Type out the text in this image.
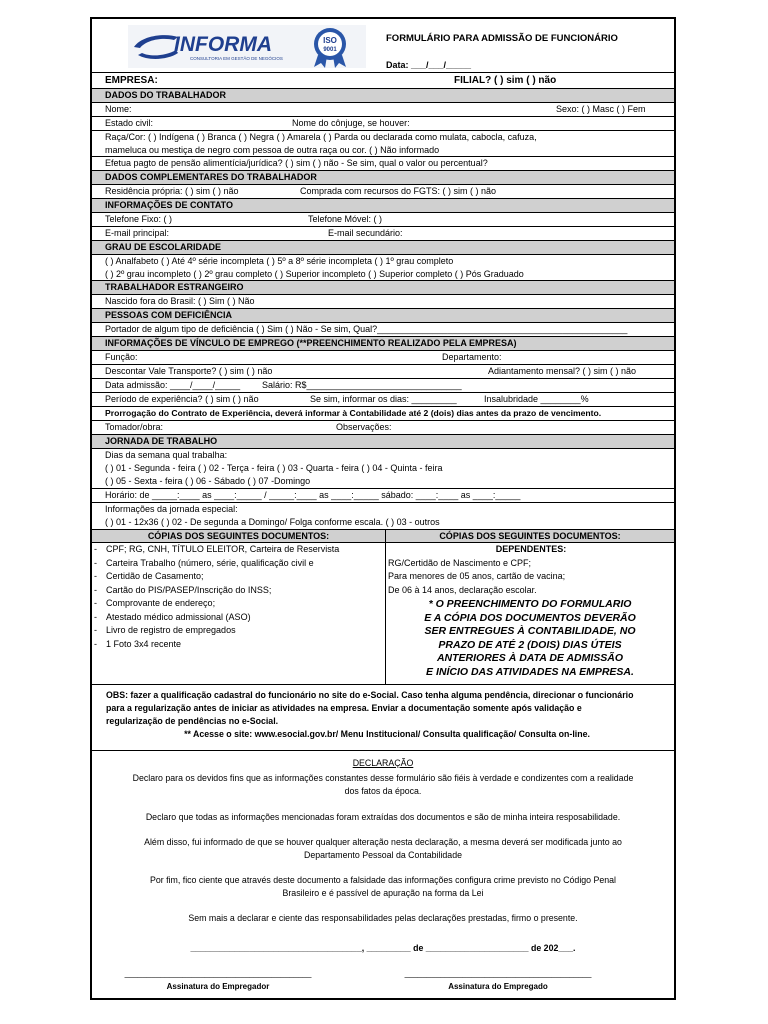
INFORMA
CONSULTORIA EM GESTÃO DE NEGÓCIOS
ISO
9001
FORMULÁRIO PARA ADMISSÃO DE FUNCIONÁRIO
Data: ___/___/_____
EMPRESA:	FILIAL? ( ) sim ( ) não
DADOS DO TRABALHADOR
Nome:	Sexo: ( ) Masc ( ) Fem
Estado civil:	Nome do cônjuge, se houver:
Raça/Cor: ( ) Indígena ( ) Branca ( ) Negra ( ) Amarela ( ) Parda ou declarada como mulata, cabocla, cafuza,
mameluca ou mestiça de negro com pessoa de outra raça ou cor. ( ) Não informado
Efetua pagto de pensão alimentícia/jurídica? ( ) sim ( ) não - Se sim, qual o valor ou percentual?
DADOS COMPLEMENTARES DO TRABALHADOR
Residência própria: ( ) sim ( ) não	Comprada com recursos do FGTS: ( ) sim ( ) não
INFORMAÇÕES DE CONTATO
Telefone Fixo: ( )	Telefone Móvel: ( )
E-mail principal:	E-mail secundário:
GRAU DE ESCOLARIDADE
( ) Analfabeto ( ) Até 4º série incompleta ( ) 5º a 8º série incompleta ( ) 1º grau completo
( ) 2º grau incompleto ( ) 2º grau completo ( ) Superior incompleto ( ) Superior completo ( ) Pós Graduado
TRABALHADOR ESTRANGEIRO
Nascido fora do Brasil: ( ) Sim ( ) Não
PESSOAS COM DEFICIÊNCIA
Portador de algum tipo de deficiência ( ) Sim ( ) Não - Se sim, Qual?__________________________________________________
INFORMAÇÕES DE VÍNCULO DE EMPREGO (**PREENCHIMENTO REALIZADO PELA EMPRESA)
Função:	Departamento:
Descontar Vale Transporte? ( ) sim ( ) não	Adiantamento mensal? ( ) sim ( ) não
Data admissão: ____/____/_____ Salário: R$_______________________________
Período de experiência? ( ) sim ( ) não	Se sim, informar os dias: _________	Insalubridade ________%
Prorrogação do Contrato de Experiência, deverá informar à Contabilidade até 2 (dois) dias antes da prazo de vencimento.
Tomador/obra:	Observações:
JORNADA DE TRABALHO
Dias da semana qual trabalha:
( ) 01 - Segunda - feira ( ) 02 - Terça - feira ( ) 03 - Quarta - feira ( ) 04 - Quinta - feira
( ) 05 - Sexta - feira ( ) 06 - Sábado ( ) 07 -Domingo
Horário: de _____:____ as ____:_____ / _____:____ as ____:_____ sábado: ____:____ as ____:_____
Informações da jornada especial:
( ) 01 - 12x36 ( ) 02 - De segunda a Domingo/ Folga conforme escala. ( ) 03 - outros
CÓPIAS DOS SEGUINTES DOCUMENTOS:
- CPF; RG, CNH, TÍTULO ELEITOR, Carteira de Reservista
- Carteira Trabalho (número, série, qualificação civil e
- Certidão de Casamento;
- Cartão do PIS/PASEP/Inscrição do INSS;
- Comprovante de endereço;
- Atestado médico admissional (ASO)
- Livro de registro de empregados
- 1 Foto 3x4 recente
CÓPIAS DOS SEGUINTES DOCUMENTOS:
DEPENDENTES:
RG/Certidão de Nascimento e CPF;
Para menores de 05 anos, cartão de vacina;
De 06 à 14 anos, declaração escolar.
* O PREENCHIMENTO DO FORMULARIO
E A CÓPIA DOS DOCUMENTOS DEVERÃO
SER ENTREGUES À CONTABILIDADE, NO
PRAZO DE ATÉ 2 (DOIS) DIAS ÚTEIS
ANTERIORES À DATA DE ADMISSÃO
E INÍCIO DAS ATIVIDADES NA EMPRESA.
OBS: fazer a qualificação cadastral do funcionário no site do e-Social. Caso tenha alguma pendência, direcionar o funcionário
para a regularização antes de iniciar as atividades na empresa. Enviar a documentação somente após validação e
regularização de pendências no e-Social.
** Acesse o site: www.esocial.gov.br/ Menu Institucional/ Consulta qualificação/ Consulta on-line.
DECLARAÇÃO
Declaro para os devidos fins que as informações constantes desse formulário são fiéis à verdade e condizentes com a realidade
dos fatos da época.
Declaro que todas as informações mencionadas foram extraídas dos documentos e são de minha inteira resposabilidade.
Além disso, fui informado de que se houver qualquer alteração nesta declaração, a mesma deverá ser modificada junto ao
Departamento Pessoal da Contabilidade
Por fim, fico ciente que através deste documento a falsidade das informações configura crime previsto no Código Penal
Brasileiro e é passível de apuração na forma da Lei
Sem mais a declarar e ciente das responsabilidades pelas declarações prestadas, firmo o presente.
___________________________________, _________ de _____________________ de 202___.
__________________________________________
Assinatura do Empregador
__________________________________________
Assinatura do Empregado
